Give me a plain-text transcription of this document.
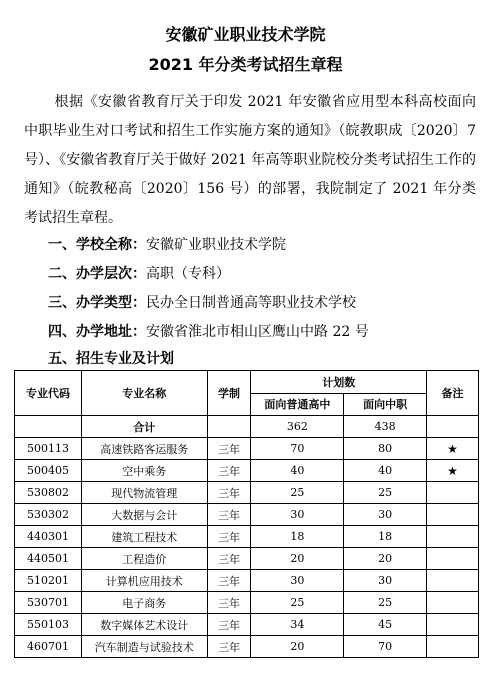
安徽矿业职业技术学院
2021 年分类考试招生章程
根据《安徽省教育厅关于印发 2021 年安徽省应用型本科高校面向中职毕业生对口考试和招生工作实施方案的通知》（皖教职成〔2020〕7 号）、《安徽省教育厅关于做好 2021 年高等职业院校分类考试招生工作的通知》（皖教秘高〔2020〕156 号）的部署，我院制定了 2021 年分类考试招生章程。
一、学校全称：安徽矿业职业技术学院
二、办学层次：高职（专科）
三、办学类型：民办全日制普通高等职业技术学校
四、办学地址：安徽省淮北市相山区鹰山中路 22 号
五、招生专业及计划
专业代码	专业名称	学制	计划数		备注
			面向普通高中	面向中职	
	合计		362	438	
500113	高速铁路客运服务	三年	70	80	★
500405	空中乘务	三年	40	40	★
530802	现代物流管理	三年	25	25	
530302	大数据与会计	三年	30	30	
440301	建筑工程技术	三年	18	18	
440501	工程造价	三年	20	20	
510201	计算机应用技术	三年	30	30	
530701	电子商务	三年	25	25	
550103	数字媒体艺术设计	三年	34	45	
460701	汽车制造与试验技术	三年	20	70	
